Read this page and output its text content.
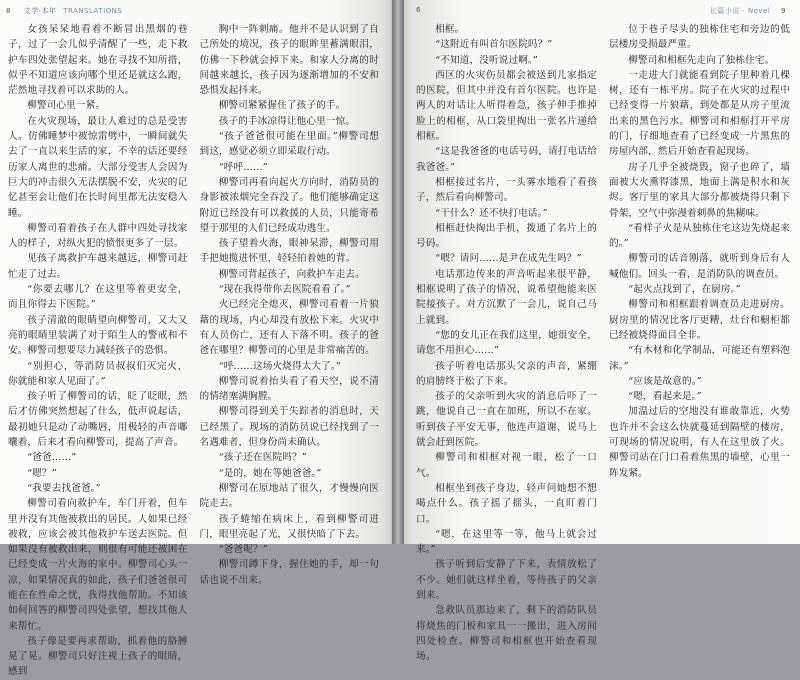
8 文学·本年 TRANSLATIONS

女孩呆呆地看着不断冒出黑烟的巷子，过了一会儿似乎清醒了一些，走下救护车四处张望起来。她在寻找不知所措，似乎不知道应该向哪个里还是就这么跑，茫然地寻找着可以求助的人。

柳警司心里一紧。

在火灾现场，最让人难过的总是受害人。仿佛睡梦中被惊雷劈中，一瞬间就失去了一直以来生活的家，不幸的话还要经历家人离世的悲痛。大部分受害人会因为巨大的冲击很久无法摆脱不安，火灾的记忆甚至会让他们在长时间里都无法安稳入睡。

柳警司看着孩子在人群中四处寻找家人的样子，对纵火犯的愤恨更多了一层。

见孩子离救护车越来越远，柳警司赶忙走了过去。

“你要去哪儿？在这里等着更安全，而且你得去下医院。”

孩子清澈的眼睛望向柳警司，又大又亮的眼睛里装满了对于陌生人的警戒和不安。柳警司想要尽力减轻孩子的恐惧。

“别担心，等消防员叔叔们灭完火，你就能和家人见面了。”

孩子听了柳警司的话，眨了眨眼，然后才仿佛突然想起了什么，低声说起话，最初她只是动了动嘴唇，用极轻的声音嘟囔着，后来才看向柳警司，提高了声音。

“爸爸……”

“嗯？”

“我要去找爸爸。”

柳警司看向救护车，车门开着，但车里并没有其他被救出的居民。人如果已经被救，应该会被其他救护车送去医院。但如果没有被救出来，则很有可能还被困在已经变成一片火海的家中。柳警司心头一凉，如果情况真的如此，孩子们爸爸很可能在在性命之忧，我得找他帮助。不知该如何回答的柳警司四处张望，想找其他人来帮忙。

孩子像是要再求帮助，抓着他的胳膊晃了晃。柳警司只好注视上孩子的眼睛，感到

胸中一阵刺痛。他并不是认识到了自己所处的境况，孩子的眼眸里蓄满眼泪，仿佛一下秒就会掉下来。和家人分离的时间越来越长，孩子因为逐渐增加的不安和恐惧发起抖来。

柳警司紧紧握住了孩子的手。

孩子的手冰凉得让他心里一惊。

“孩子爸爸很可能在里面。”柳警司想到这，感觉必须立即采取行动。

“呼呼……”

柳警司再看向起火方向时，消防员的身影被浓烟完全吞没了。他们能够确定这附近已经没有可以救援的人员，只能寄希望于那里的人们已经成功逃生。

孩子望着火海，眼神呆滞，柳警司用手把她揽进怀里，轻轻拍着她的背。

柳警司背起孩子，向救护车走去。

“现在我得带你去医院看看了。”

火已经完全熄灭，柳警司看着一片狼藉的现场，内心却没有放松下来。火灾中有人员伤亡，还有人下落不明。孩子的爸爸在哪里？柳警司的心里是非常痛苦的。

“呼……这场火烧得太大了。”

柳警司说着抬头看了看天空，说不清的情绪塞满胸膛。

柳警司得到关于失踪者的消息时，天已经黑了。现场的消防员说已经找到了一名遇难者，但身份尚未确认。

“孩子还在医院吗？”

“是的，她在等她爸爸。”

柳警司在原地站了很久，才慢慢向医院走去。

孩子蜷缩在病床上，看到柳警司进门，眼里亮起了光，又很快暗了下去。

“爸爸呢？”

柳警司蹲下身，握住她的手，却一句话也说不出来。

6	长篇小说 · Novel 9

相框。

“这附近有叫首尔医院吗？”

“不知道，没听说过啊。”

西区的火灾伤员都会被送到儿家指定的医院，但其中并没有首尔医院。也许是两人的对话让人听得着急，孩子伸手推掉脸上的相框，从口袋里掏出一张名片递给相框。

“这是我爸爸的电话号码，请打电话给我爸爸。”

相框接过名片，一头雾水地看了看孩子，然后看向柳警司。

“干什么？还不快打电话。”

相框赶快掏出手机，拨通了名片上的号码。

“喂？请问……是尹在成先生吗？”

电话那边传来的声音听起来很平静，相框说明了孩子的情况，说希望他能来医院接孩子。对方沉默了一会儿，说自己马上就到。

“您的女儿正在我们这里，她很安全，请您不用担心……”

孩子听着电话那头父亲的声音，紧绷的肩膀终于松了下来。

孩子的父亲听到火灾的消息后吓了一跳，他说自己一直在加班，所以不在家。听到孩子平安无事，他连声道谢，说马上就会赶到医院。

柳警司和相框对视一眼，松了一口气。

相框坐到孩子身边，轻声问她想不想喝点什么。孩子摇了摇头，一直盯着门口。

“嗯，在这里等一等，他马上就会过来。”

孩子听到后安静了下来，表情放松了不少。她们就这样坐着，等待孩子的父亲到来。

急救队员那边来了，剩下的消防队员将烧焦的门板和家具一一搬出，进入房间四处检查。柳警司和相框也开始查看现场。

位于巷子尽头的独栋住宅和旁边的低层楼房受损最严重。

柳警司和相框先走向了独栋住宅。

一走进大门就能看到院子里种着几棵树，还有一栋平房。院子在火灾的过程中已经变得一片狼藉，到处都是从房子里流出来的黑色污水。柳警司和相框打开平房的门，仔细地查看了已经变成一片黑焦的房屋内部，然后开始查看起现场。

房子几乎全被烧毁，窗子也碎了，墙面被大火熏得漆黑，地面上满是积水和灰烬。客厅里的家具大部分都被烧得只剩下骨架，空气中弥漫着刺鼻的焦糊味。

“看样子火是从独栋住宅这边先烧起来的。”

柳警司的话音刚落，就听到身后有人喊他们。回头一看，是消防队的调查员。

“起火点找到了，在厨房。”

柳警司和相框跟着调查员走进厨房。厨房里的情况比客厅更糟，灶台和橱柜都已经被烧得面目全非。

“有木材和化学制品，可能还有塑料泡沫。”

“应该是故意的。”

“嗯，看起来是。”

加温过后的空地没有谁敢靠近，火势也许并不会这么快就蔓延到隔壁的楼房，可现场的情况说明，有人在这里放了火。柳警司站在门口看着焦黑的墙壁，心里一阵发紧。
